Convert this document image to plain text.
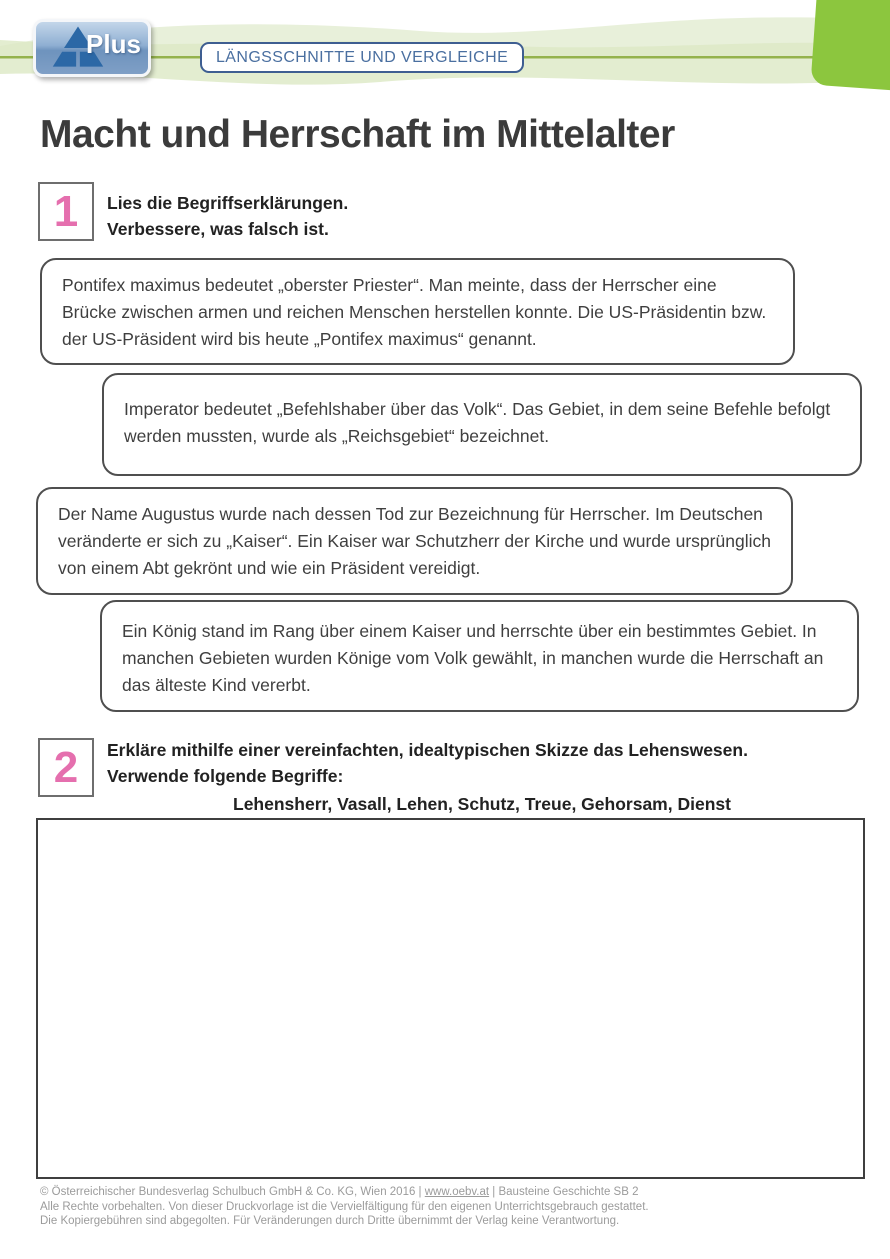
Plus	LÄNGSSCHNITTE UND VERGLEICHE
Macht und Herrschaft im Mittelalter
1 Lies die Begriffserklärungen.

Verbessere, was falsch ist.

Pontifex maximus bedeutet „oberster Priester“. Man meinte, dass der Herrscher eine Brücke zwischen armen und reichen Menschen herstellen konnte. Die US-Präsidentin bzw. der US-Präsident wird bis heute „Pontifex maximus“ genannt.

Imperator bedeutet „Befehlshaber über das Volk“. Das Gebiet, in dem seine Befehle befolgt werden mussten, wurde als „Reichsgebiet“ bezeichnet.

Der Name Augustus wurde nach dessen Tod zur Bezeichnung für Herrscher. Im Deutschen veränderte er sich zu „Kaiser“. Ein Kaiser war Schutzherr der Kirche und wurde ursprünglich von einem Abt gekrönt und wie ein Präsident vereidigt.

Ein König stand im Rang über einem Kaiser und herrschte über ein bestimmtes Gebiet. In manchen Gebieten wurden Könige vom Volk gewählt, in manchen wurde die Herrschaft an das älteste Kind vererbt.

2 Erkläre mithilfe einer vereinfachten, idealtypischen Skizze das Lehenswesen.

Verwende folgende Begriffe:

Lehensherr, Vasall, Lehen, Schutz, Treue, Gehorsam, Dienst

© Österreichischer Bundesverlag Schulbuch GmbH & Co. KG, Wien 2016 | www.oebv.at | Bausteine Geschichte SB 2

Alle Rechte vorbehalten. Von dieser Druckvorlage ist die Vervielfältigung für den eigenen Unterrichtsgebrauch gestattet.

Die Kopiergebühren sind abgegolten. Für Veränderungen durch Dritte übernimmt der Verlag keine Verantwortung.
